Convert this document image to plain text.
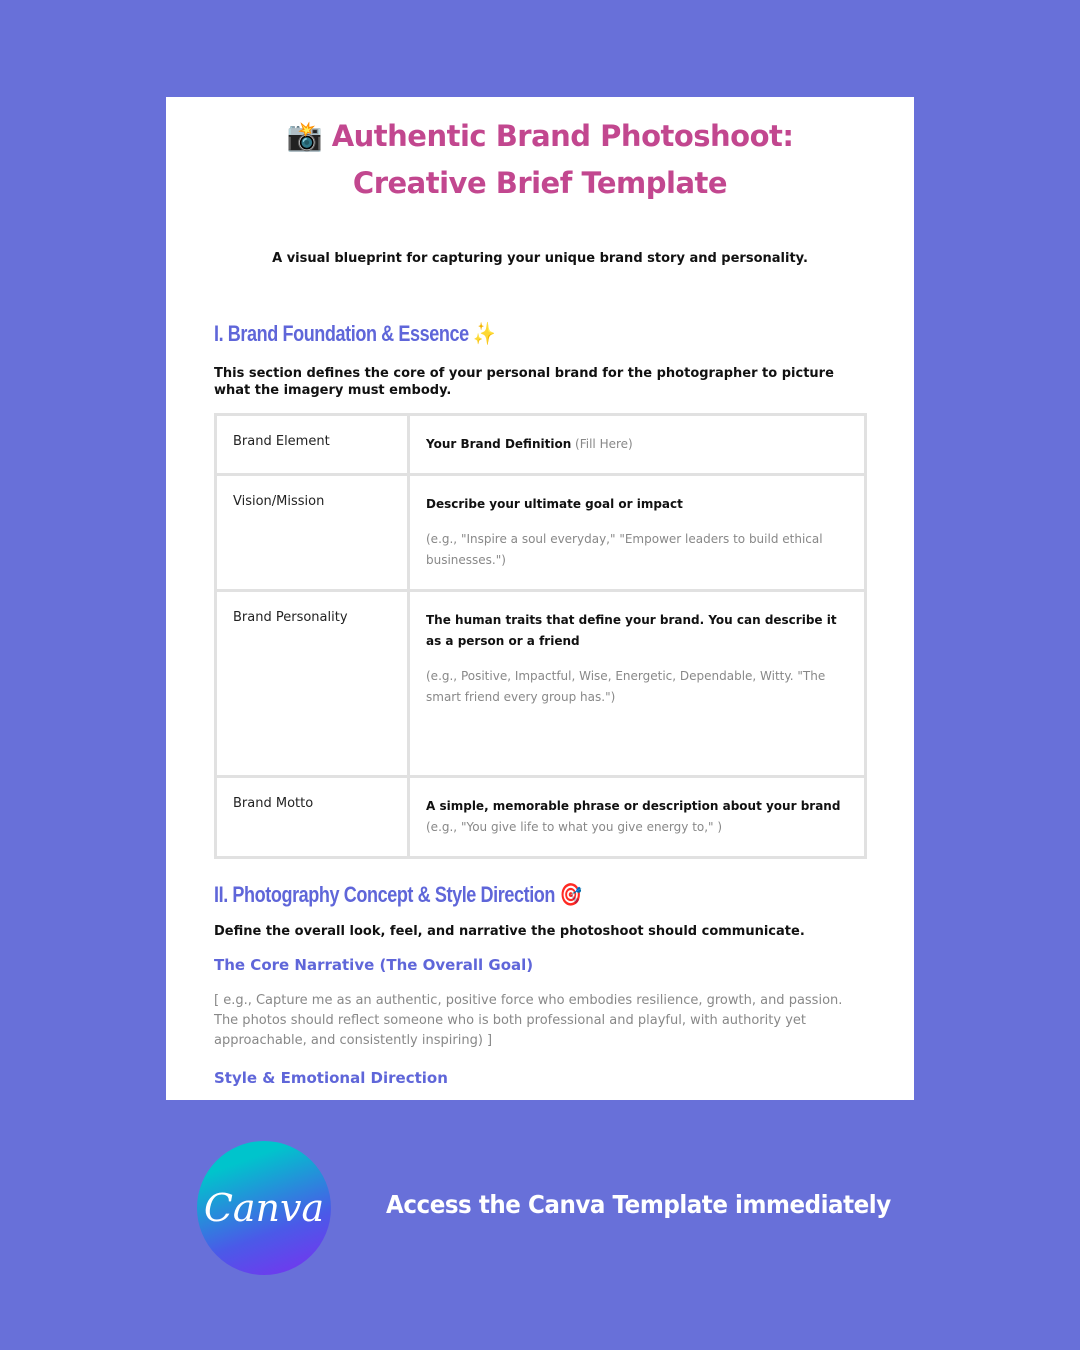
📸 Authentic Brand Photoshoot:
Creative Brief Template
A visual blueprint for capturing your unique brand story and personality.
I. Brand Foundation & Essence ✨
This section defines the core of your personal brand for the photographer to picture what the imagery must embody.
Brand Element	Your Brand Definition (Fill Here)
Vision/Mission	Describe your ultimate goal or impact
(e.g., "Inspire a soul everyday," "Empower leaders to build ethical businesses.")

Brand Personality	The human traits that define your brand. You can describe it as a person or a friend
(e.g., Positive, Impactful, Wise, Energetic, Dependable, Witty. "The smart friend every group has.")

Brand Motto	A simple, memorable phrase or description about your brand (e.g., "You give life to what you give energy to," )
II. Photography Concept & Style Direction 🎯
Define the overall look, feel, and narrative the photoshoot should communicate.
The Core Narrative (The Overall Goal)
[ e.g., Capture me as an authentic, positive force who embodies resilience, growth, and passion. The photos should reflect someone who is both professional and playful, with authority yet approachable, and consistently inspiring) ]
Style & Emotional Direction
Canva Access the Canva Template immediately
